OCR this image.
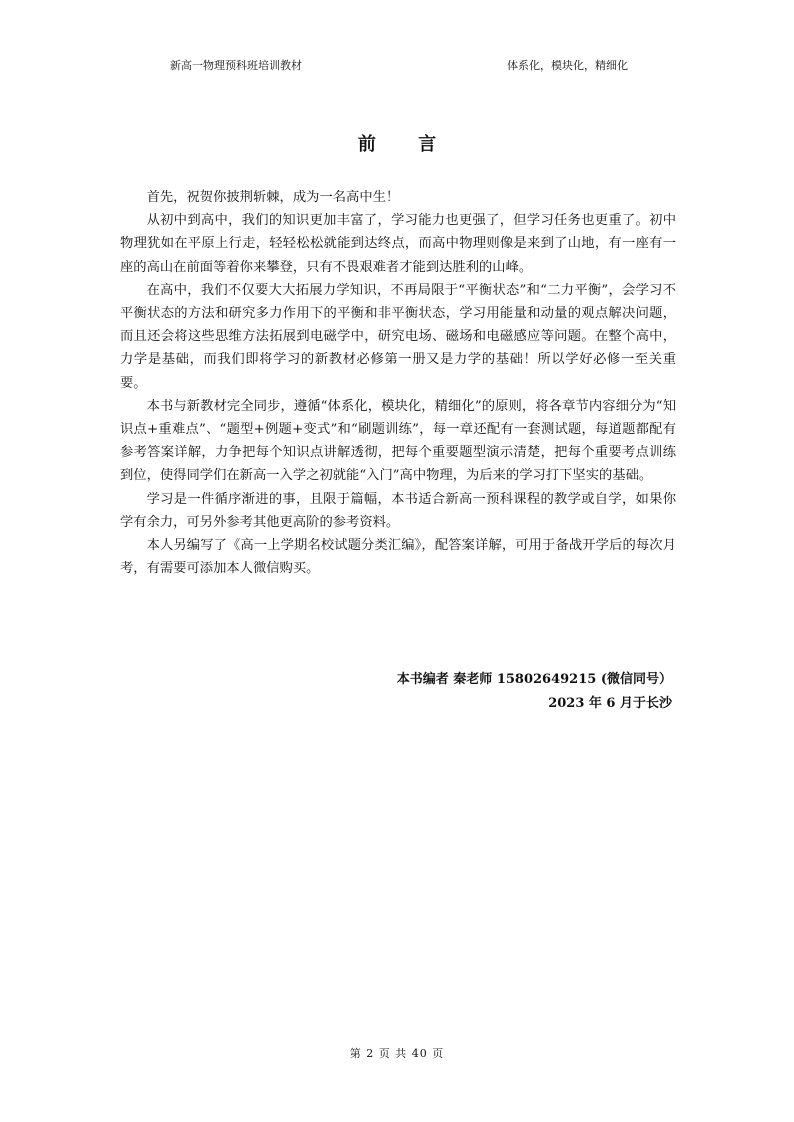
新高一物理预科班培训教材	体系化，模块化，精细化
前 言

首先，祝贺你披荆斩棘，成为一名高中生！

从初中到高中，我们的知识更加丰富了，学习能力也更强了，但学习任务也更重了。初中物理犹如在平原上行走，轻轻松松就能到达终点，而高中物理则像是来到了山地，有一座有一座的高山在前面等着你来攀登，只有不畏艰难者才能到达胜利的山峰。

在高中，我们不仅要大大拓展力学知识，不再局限于“平衡状态”和“二力平衡”，会学习不平衡状态的方法和研究多力作用下的平衡和非平衡状态，学习用能量和动量的观点解决问题，而且还会将这些思维方法拓展到电磁学中，研究电场、磁场和电磁感应等问题。在整个高中，力学是基础，而我们即将学习的新教材必修第一册又是力学的基础！所以学好必修一至关重要。

本书与新教材完全同步，遵循“体系化，模块化，精细化”的原则，将各章节内容细分为“知识点+重难点”、“题型+例题+变式”和“刷题训练”，每一章还配有一套测试题，每道题都配有参考答案详解，力争把每个知识点讲解透彻，把每个重要题型演示清楚，把每个重要考点训练到位，使得同学们在新高一入学之初就能“入门”高中物理，为后来的学习打下坚实的基础。

学习是一件循序渐进的事，且限于篇幅，本书适合新高一预科课程的教学或自学，如果你学有余力，可另外参考其他更高阶的参考资料。

本人另编写了《高一上学期名校试题分类汇编》，配答案详解，可用于备战开学后的每次月考，有需要可添加本人微信购买。

本书编者 秦老师 15802649215 (微信同号）
2023 年 6 月于长沙
第 2 页 共 40 页
